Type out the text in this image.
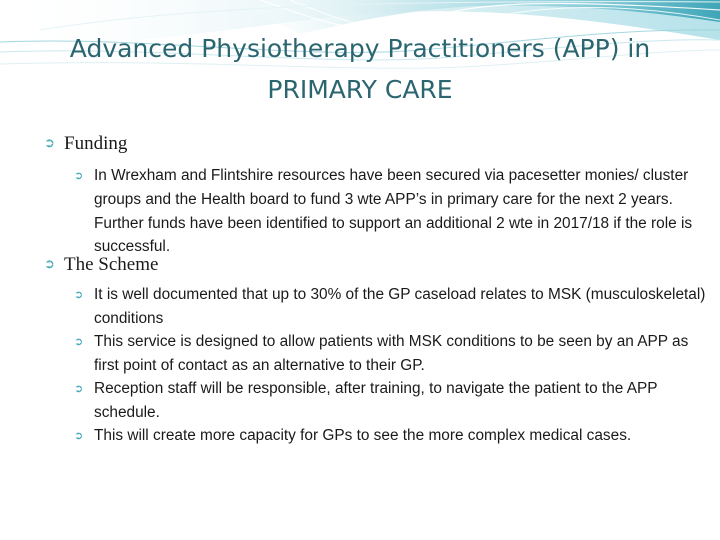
Advanced Physiotherapy Practitioners (APP) in
PRIMARY CARE
➲ Funding
➲ In Wrexham and Flintshire resources have been secured via pacesetter monies/ cluster groups and the Health board to fund 3 wte APP’s in primary care for the next 2 years. Further funds have been identified to support an additional 2 wte in 2017/18 if the role is successful.
➲ The Scheme
➲ It is well documented that up to 30% of the GP caseload relates to MSK (musculoskeletal) conditions
➲ This service is designed to allow patients with MSK conditions to be seen by an APP as first point of contact as an alternative to their GP.
➲ Reception staff will be responsible, after training, to navigate the patient to the APP schedule.
➲ This will create more capacity for GPs to see the more complex medical cases.
